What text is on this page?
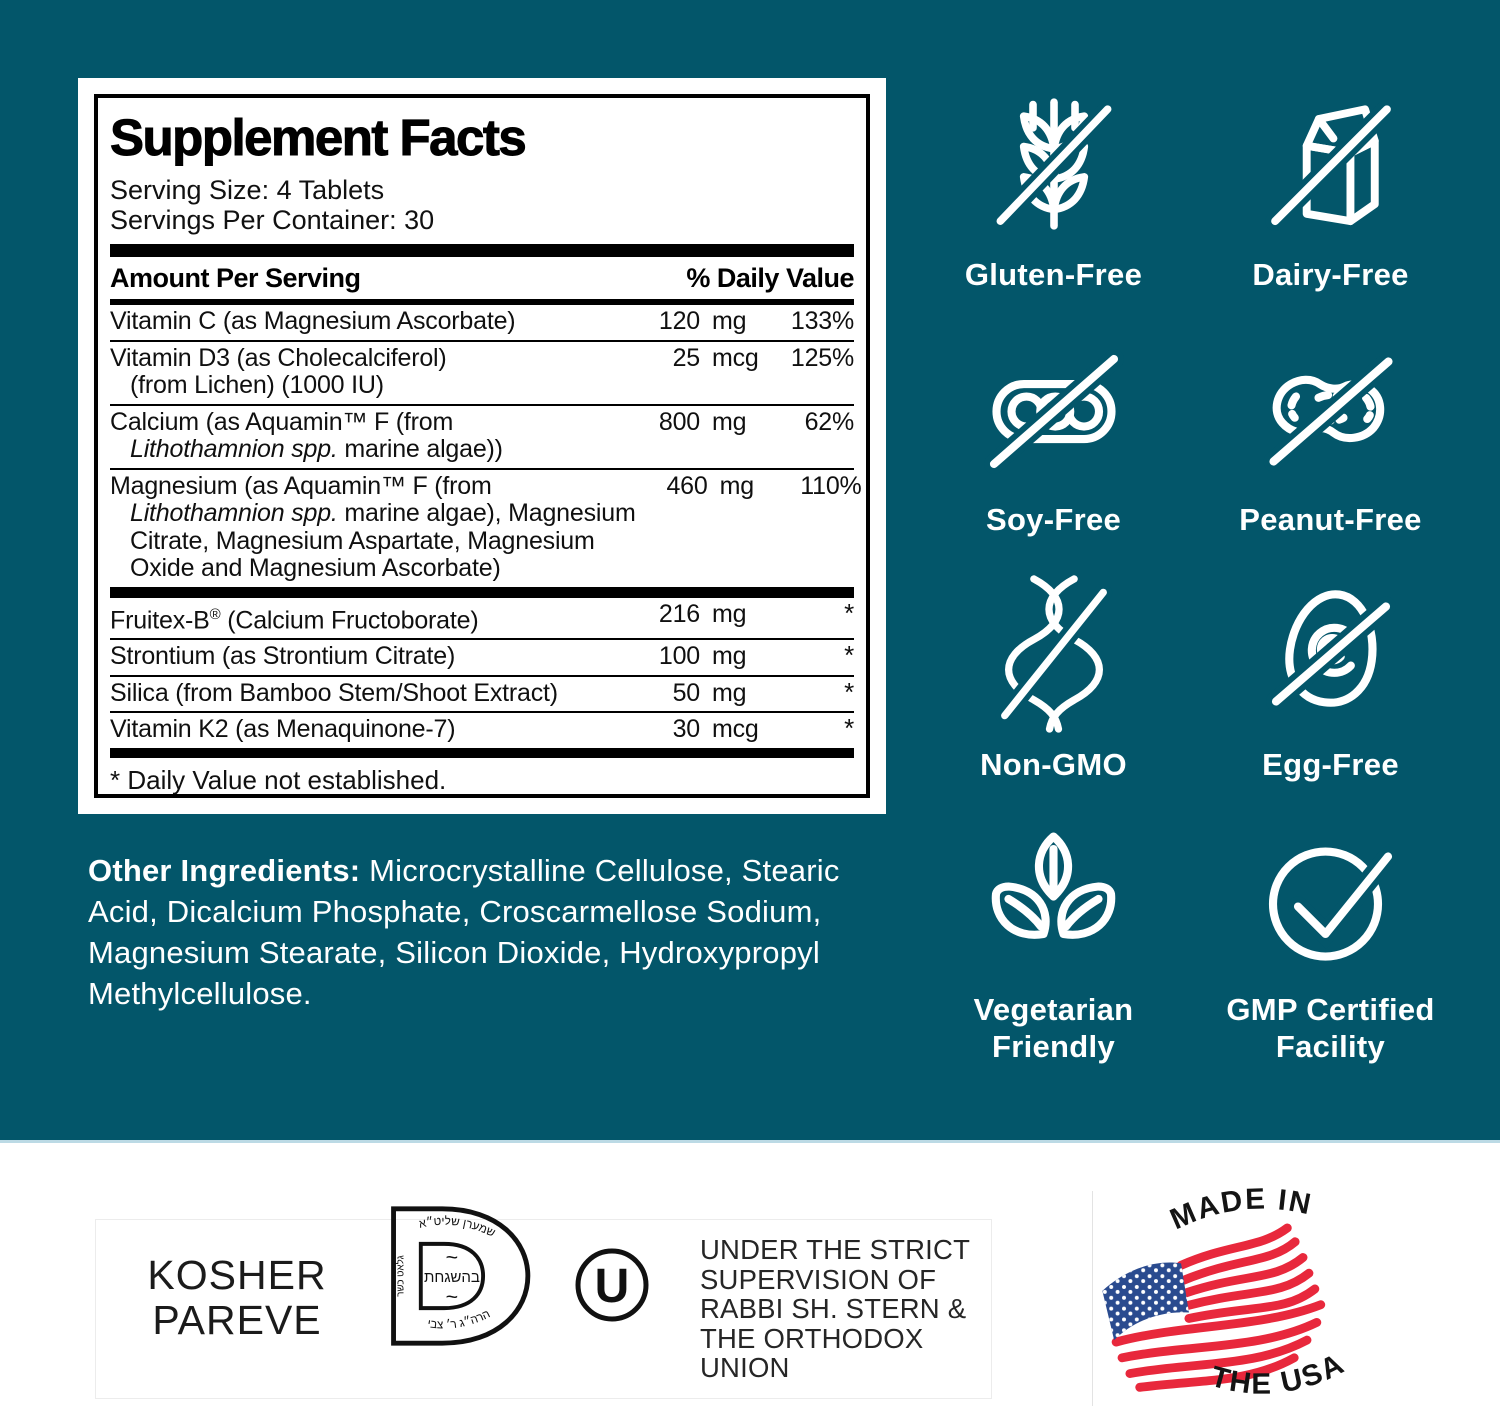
Supplement Facts
Serving Size: 4 Tablets
Servings Per Container: 30
Amount Per Serving	% Daily Value
Vitamin C (as Magnesium Ascorbate)	120 mg	133%
Vitamin D3 (as Cholecalciferol)
(from Lichen) (1000 IU)
25 mcg	125%
Calcium (as Aquamin™ F (from
Lithothamnion spp. marine algae))
800 mg	62%
Magnesium (as Aquamin™ F (from
Lithothamnion spp. marine algae), Magnesium
Citrate, Magnesium Aspartate, Magnesium
Oxide and Magnesium Ascorbate)
460 mg	110%
Fruitex-B® (Calcium Fructoborate)	216 mg	*
Strontium (as Strontium Citrate)	100 mg	*
Silica (from Bamboo Stem/Shoot Extract)	50 mg	*
Vitamin K2 (as Menaquinone-7)	30 mcg	*
* Daily Value not established.
Other Ingredients: Microcrystalline Cellulose, Stearic Acid, Dicalcium Phosphate, Croscarmellose Sodium, Magnesium Stearate, Silicon Dioxide, Hydroxypropyl Methylcellulose.
Gluten-Free	Dairy-Free
Soy-Free	Peanut-Free
Non-GMO	Egg-Free
Vegetarian Friendly
GMP Certified Facility
KOSHER
PAREVE
שמערן שליט״א
הרה״ג ר׳ צבי
גלאט כשר ~
בהשגחת
~	U
UNDER THE STRICT
SUPERVISION OF
RABBI SH. STERN &
THE ORTHODOX
UNION
MADE IN
THE USA
